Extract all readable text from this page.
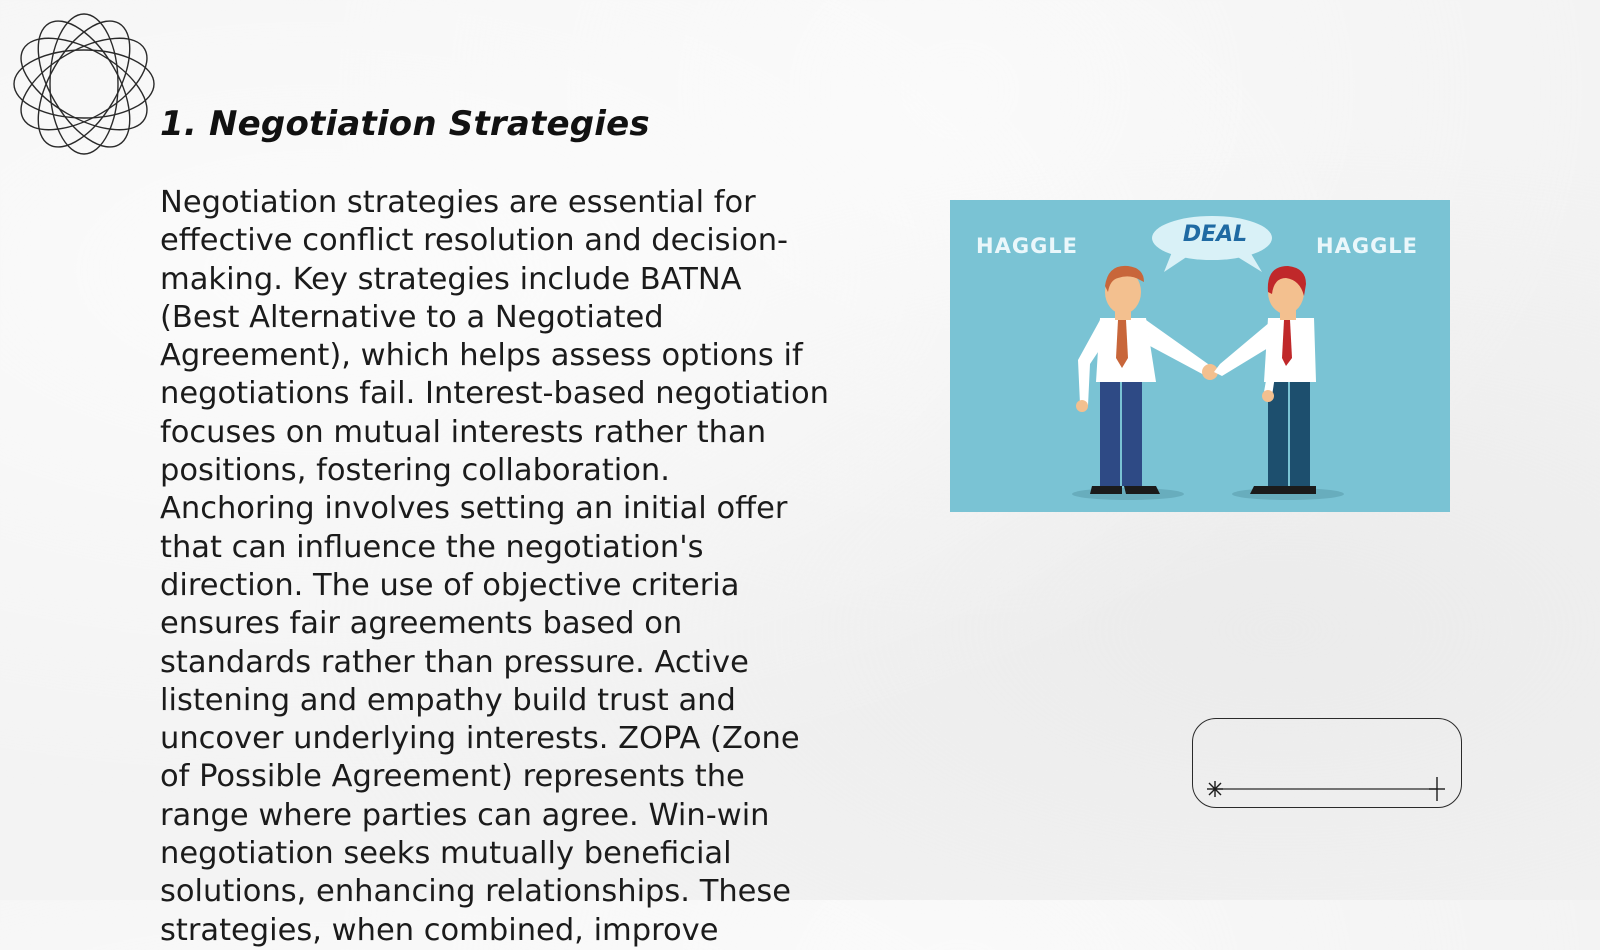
1. Negotiation Strategies

Negotiation strategies are essential for effective conflict resolution and decision-making. Key strategies include BATNA (Best Alternative to a Negotiated Agreement), which helps assess options if negotiations fail. Interest-based negotiation focuses on mutual interests rather than positions, fostering collaboration. Anchoring involves setting an initial offer that can influence the negotiation's direction. The use of objective criteria ensures fair agreements based on standards rather than pressure. Active listening and empathy build trust and uncover underlying interests. ZOPA (Zone of Possible Agreement) represents the range where parties can agree. Win-win negotiation seeks mutually beneficial solutions, enhancing relationships. These strategies, when combined, improve

HAGGLE	DEAL	HAGGLE
